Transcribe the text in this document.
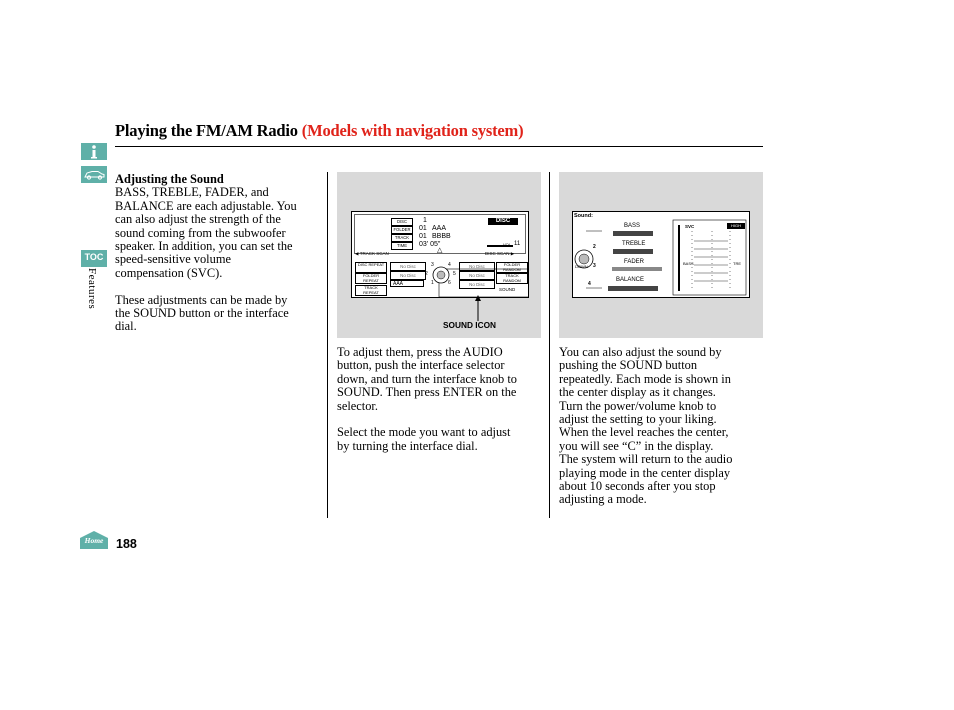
Playing the FM/AM Radio (Models with navigation system)
TOC
Features
Home	188
Adjusting the Sound
BASS, TREBLE, FADER, and
BALANCE are each adjustable. You
can also adjust the strength of the
sound coming from the subwoofer
speaker. In addition, you can set the
speed-sensitive volume
compensation (SVC).
These adjustments can be made by
the SOUND button or the interface
dial.
DISC
FOLDER
TRACK
TIME
1
01 AAA
01 BBBB
03' 05"
DISC
VOL 11
◀ TRACK SCAN	△	DISC SCAN ▶
DISC REPEAT
FOLDER REPEAT
TRACK REPEAT
FOLDER RANDOM
TRACK RANDOM
No Disc	No Disc
No Disc	No Disc
AAA	No Disc
3	4
2	5
1	6
SOUND
SOUND ICON
Sound:
BASS
TREBLE
FADER
BALANCE
DOWN
2
3
4
SVC	HIGH
BASS	TRE
To adjust them, press the AUDIO
button, push the interface selector
down, and turn the interface knob to
SOUND. Then press ENTER on the
selector.
Select the mode you want to adjust
by turning the interface dial.
You can also adjust the sound by
pushing the SOUND button
repeatedly. Each mode is shown in
the center display as it changes.
Turn the power/volume knob to
adjust the setting to your liking.
When the level reaches the center,
you will see “C” in the display.
The system will return to the audio
playing mode in the center display
about 10 seconds after you stop
adjusting a mode.
